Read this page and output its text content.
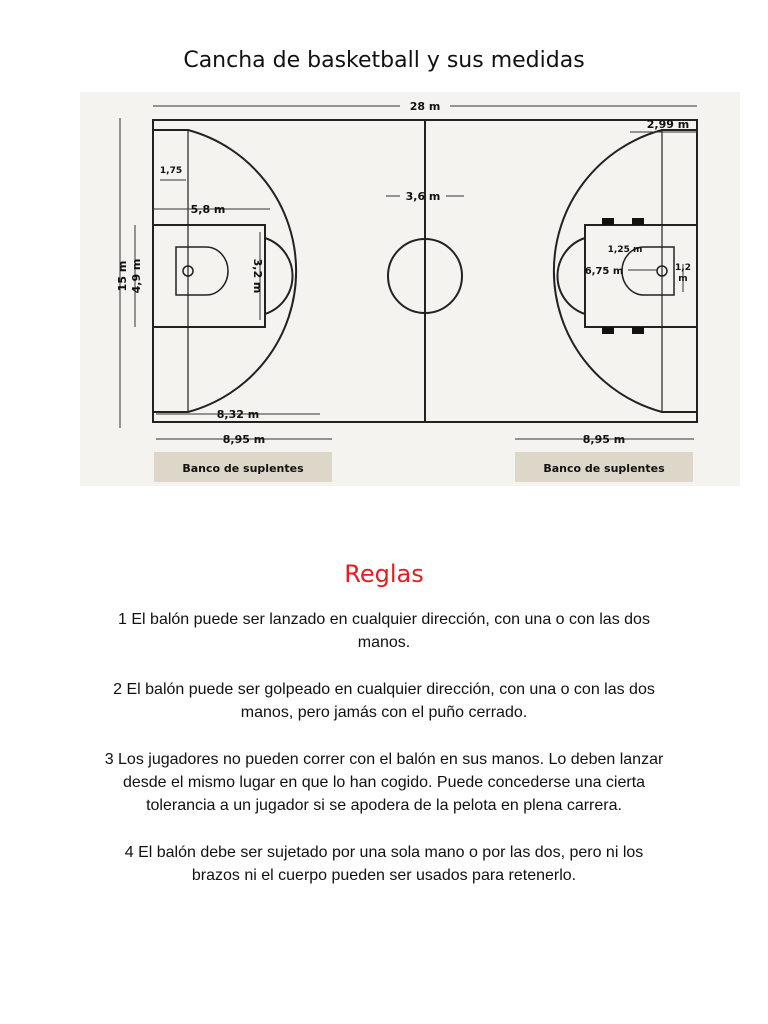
Cancha de basketball y sus medidas
28 m
15 m 4,9 m	3,2 m
5,8 m
1,75
3,6 m
2,99 m
1,25 m
6,75 m	1,2
m
8,32 m
8,95 m	8,95 m
Banco de suplentes	Banco de suplentes
Reglas

1 El balón puede ser lanzado en cualquier dirección, con una o con las dos manos.

2 El balón puede ser golpeado en cualquier dirección, con una o con las dos manos, pero jamás con el puño cerrado.

3 Los jugadores no pueden correr con el balón en sus manos. Lo deben lanzar desde el mismo lugar en que lo han cogido. Puede concederse una cierta tolerancia a un jugador si se apodera de la pelota en plena carrera.

4 El balón debe ser sujetado por una sola mano o por las dos, pero ni los brazos ni el cuerpo pueden ser usados para retenerlo.
